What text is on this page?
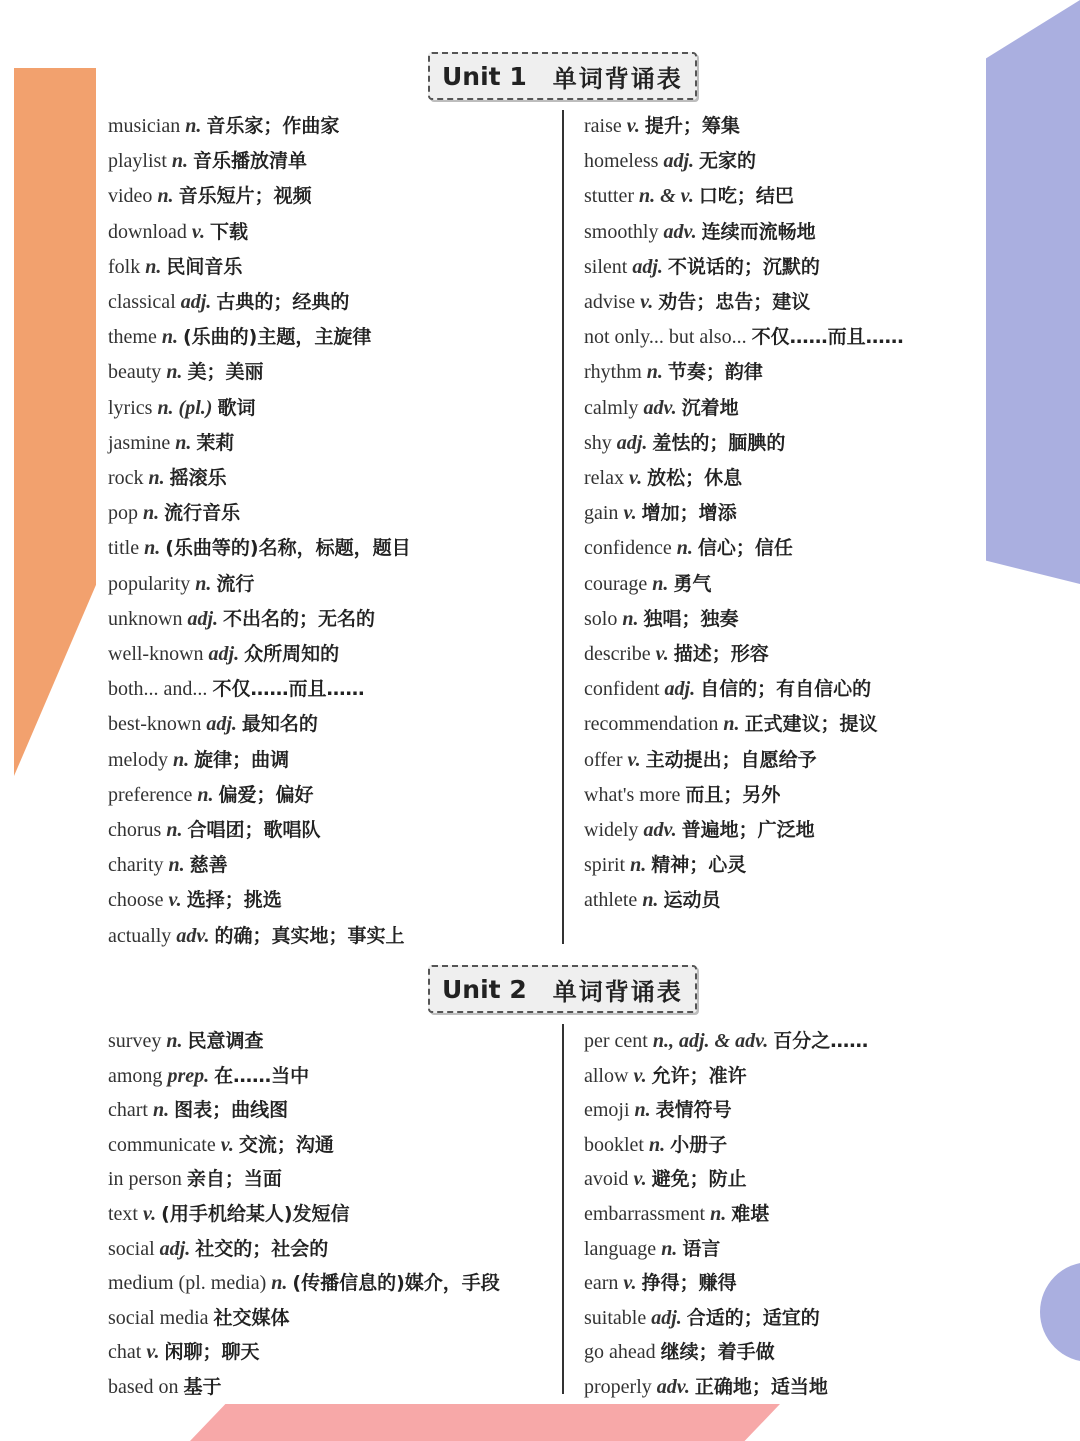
Unit 1 单词背诵表
musician n. 音乐家；作曲家
playlist n. 音乐播放清单
video n. 音乐短片；视频
download v. 下载
folk n. 民间音乐
classical adj. 古典的；经典的
theme n. (乐曲的)主题，主旋律
beauty n. 美；美丽
lyrics n. (pl.) 歌词
jasmine n. 茉莉
rock n. 摇滚乐
pop n. 流行音乐
title n. (乐曲等的)名称，标题，题目
popularity n. 流行
unknown adj. 不出名的；无名的
well-known adj. 众所周知的
both... and... 不仅……而且……
best-known adj. 最知名的
melody n. 旋律；曲调
preference n. 偏爱；偏好
chorus n. 合唱团；歌唱队
charity n. 慈善
choose v. 选择；挑选
actually adv. 的确；真实地；事实上
raise v. 提升；筹集
homeless adj. 无家的
stutter n. & v. 口吃；结巴
smoothly adv. 连续而流畅地
silent adj. 不说话的；沉默的
advise v. 劝告；忠告；建议
not only... but also... 不仅……而且……
rhythm n. 节奏；韵律
calmly adv. 沉着地
shy adj. 羞怯的；腼腆的
relax v. 放松；休息
gain v. 增加；增添
confidence n. 信心；信任
courage n. 勇气
solo n. 独唱；独奏
describe v. 描述；形容
confident adj. 自信的；有自信心的
recommendation n. 正式建议；提议
offer v. 主动提出；自愿给予
what's more 而且；另外
widely adv. 普遍地；广泛地
spirit n. 精神；心灵
athlete n. 运动员
Unit 2 单词背诵表
survey n. 民意调查
among prep. 在……当中
chart n. 图表；曲线图
communicate v. 交流；沟通
in person 亲自；当面
text v. (用手机给某人)发短信
social adj. 社交的；社会的
medium (pl. media) n. (传播信息的)媒介，手段
social media 社交媒体
chat v. 闲聊；聊天
based on 基于
per cent n., adj. & adv. 百分之……
allow v. 允许；准许
emoji n. 表情符号
booklet n. 小册子
avoid v. 避免；防止
embarrassment n. 难堪
language n. 语言
earn v. 挣得；赚得
suitable adj. 合适的；适宜的
go ahead 继续；着手做
properly adv. 正确地；适当地
